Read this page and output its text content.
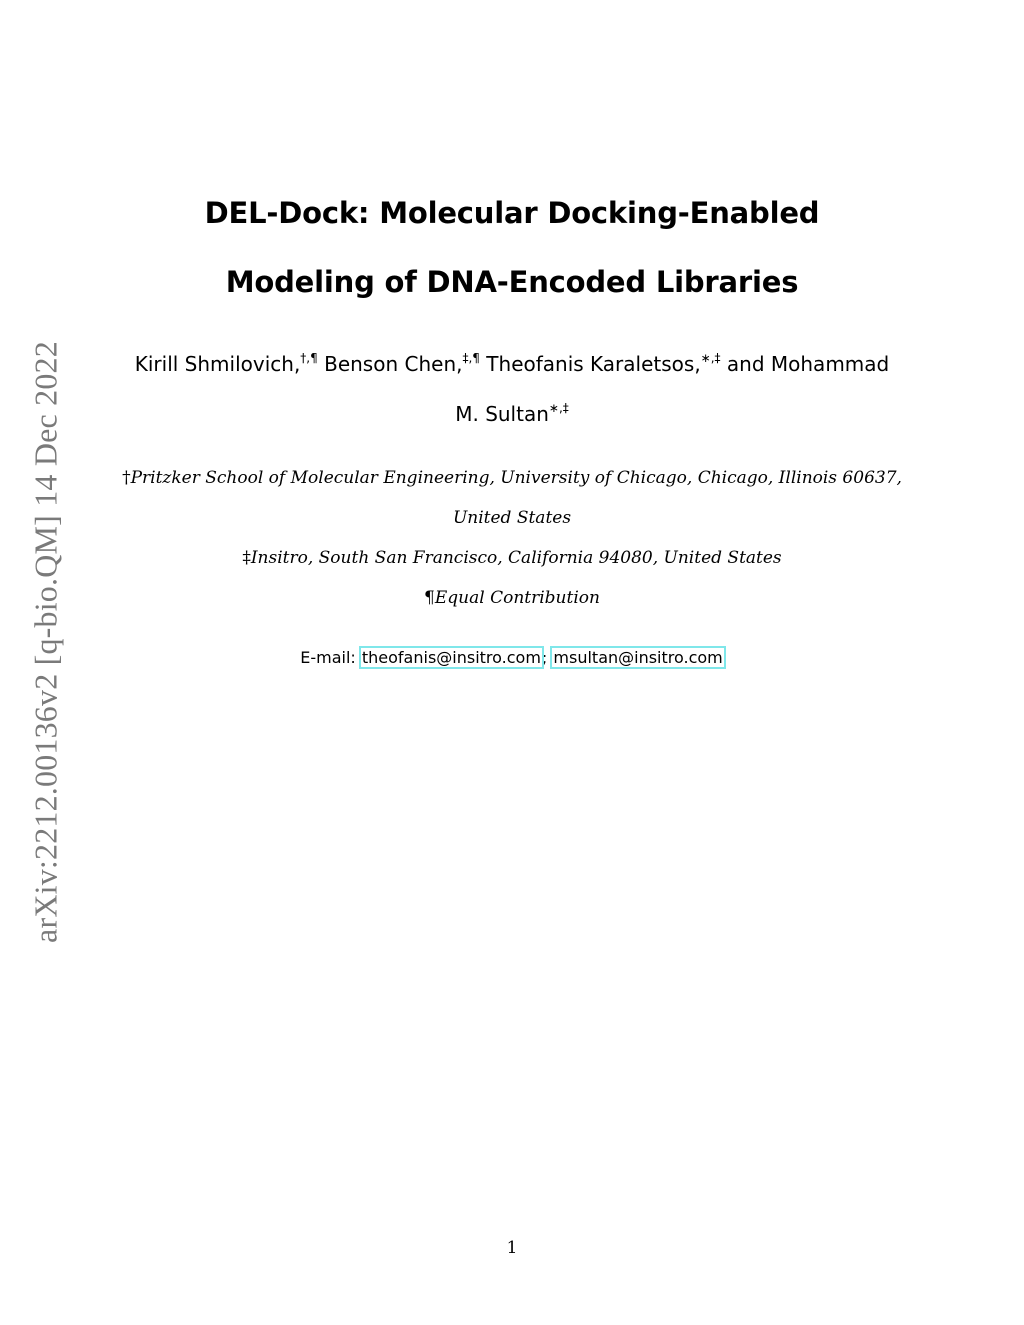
arXiv:2212.00136v2 [q-bio.QM] 14 Dec 2022
DEL-Dock: Molecular Docking-Enabled
Modeling of DNA-Encoded Libraries
Kirill Shmilovich,†,¶ Benson Chen,‡,¶ Theofanis Karaletsos,∗,‡ and Mohammad
M. Sultan∗,‡
†Pritzker School of Molecular Engineering, University of Chicago, Chicago, Illinois 60637,
United States
‡Insitro, South San Francisco, California 94080, United States
¶Equal Contribution
E-mail: theofanis@insitro.com; msultan@insitro.com
1
